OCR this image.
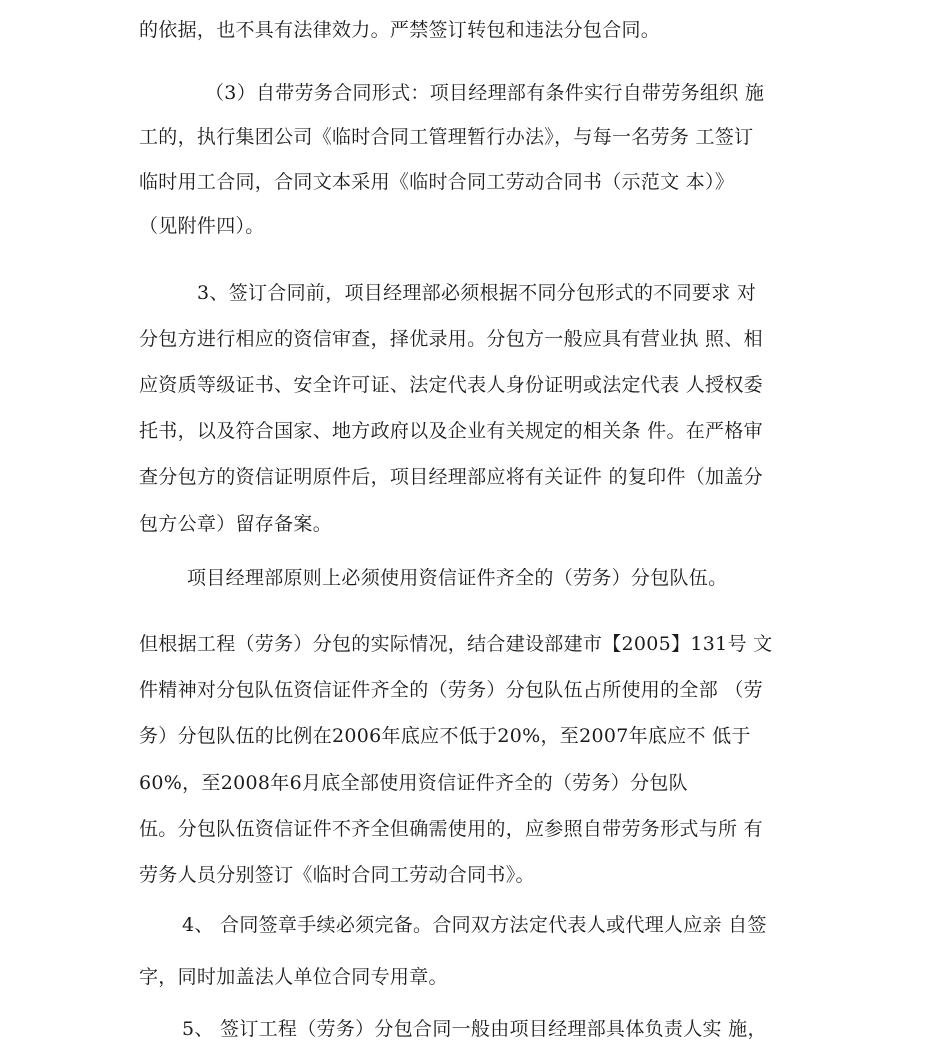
的依据，也不具有法律效力。严禁签订转包和违法分包合同。
（3）自带劳务合同形式：项目经理部有条件实行自带劳务组织 施
工的，执行集团公司《临时合同工管理暂行办法》，与每一名劳务 工签订
临时用工合同，合同文本采用《临时合同工劳动合同书（示范文 本）》
（见附件四）。
3、签订合同前，项目经理部必须根据不同分包形式的不同要求 对
分包方进行相应的资信审查，择优录用。分包方一般应具有营业执 照、相
应资质等级证书、安全许可证、法定代表人身份证明或法定代表 人授权委
托书，以及符合国家、地方政府以及企业有关规定的相关条 件。在严格审
查分包方的资信证明原件后，项目经理部应将有关证件 的复印件（加盖分
包方公章）留存备案。
项目经理部原则上必须使用资信证件齐全的（劳务）分包队伍。
但根据工程（劳务）分包的实际情况，结合建设部建市【2005】131号 文
件精神对分包队伍资信证件齐全的（劳务）分包队伍占所使用的全部 （劳
务）分包队伍的比例在2006年底应不低于20%，至2007年底应不 低于
60%，至2008年6月底全部使用资信证件齐全的（劳务）分包队
伍。分包队伍资信证件不齐全但确需使用的，应参照自带劳务形式与所 有
劳务人员分别签订《临时合同工劳动合同书》。
4、 合同签章手续必须完备。合同双方法定代表人或代理人应亲 自签
字，同时加盖法人单位合同专用章。
5、 签订工程（劳务）分包合同一般由项目经理部具体负责人实 施，
